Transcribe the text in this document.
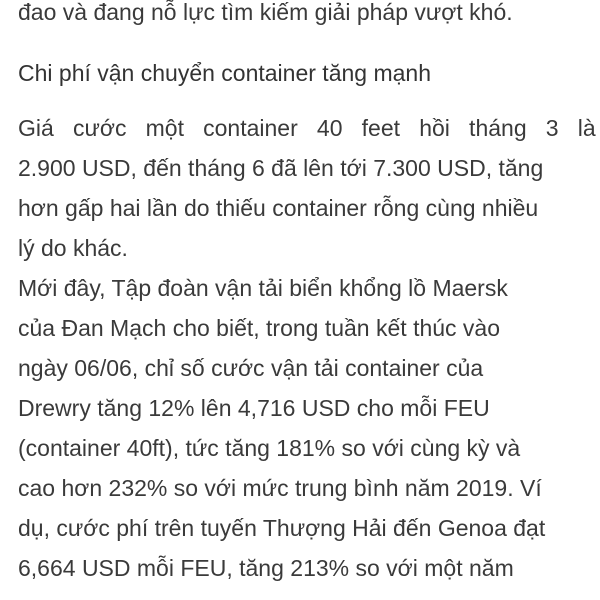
đao và đang nỗ lực tìm kiếm giải pháp vượt khó.
Chi phí vận chuyển container tăng mạnh
Giá   cước   một   container   40   feet   hồi   tháng   3   là
2.900 USD, đến tháng 6 đã lên tới 7.300 USD, tăng
hơn gấp hai lần do thiếu container rỗng cùng nhiều
lý do khác.
Mới đây, Tập đoàn vận tải biển khổng lồ Maersk
của Đan Mạch cho biết, trong tuần kết thúc vào
ngày 06/06, chỉ số cước vận tải container của
Drewry tăng 12% lên 4,716 USD cho mỗi FEU
(container 40ft), tức tăng 181% so với cùng kỳ và
cao hơn 232% so với mức trung bình năm 2019. Ví
dụ, cước phí trên tuyến Thượng Hải đến Genoa đạt
6,664 USD mỗi FEU, tăng 213% so với một năm
